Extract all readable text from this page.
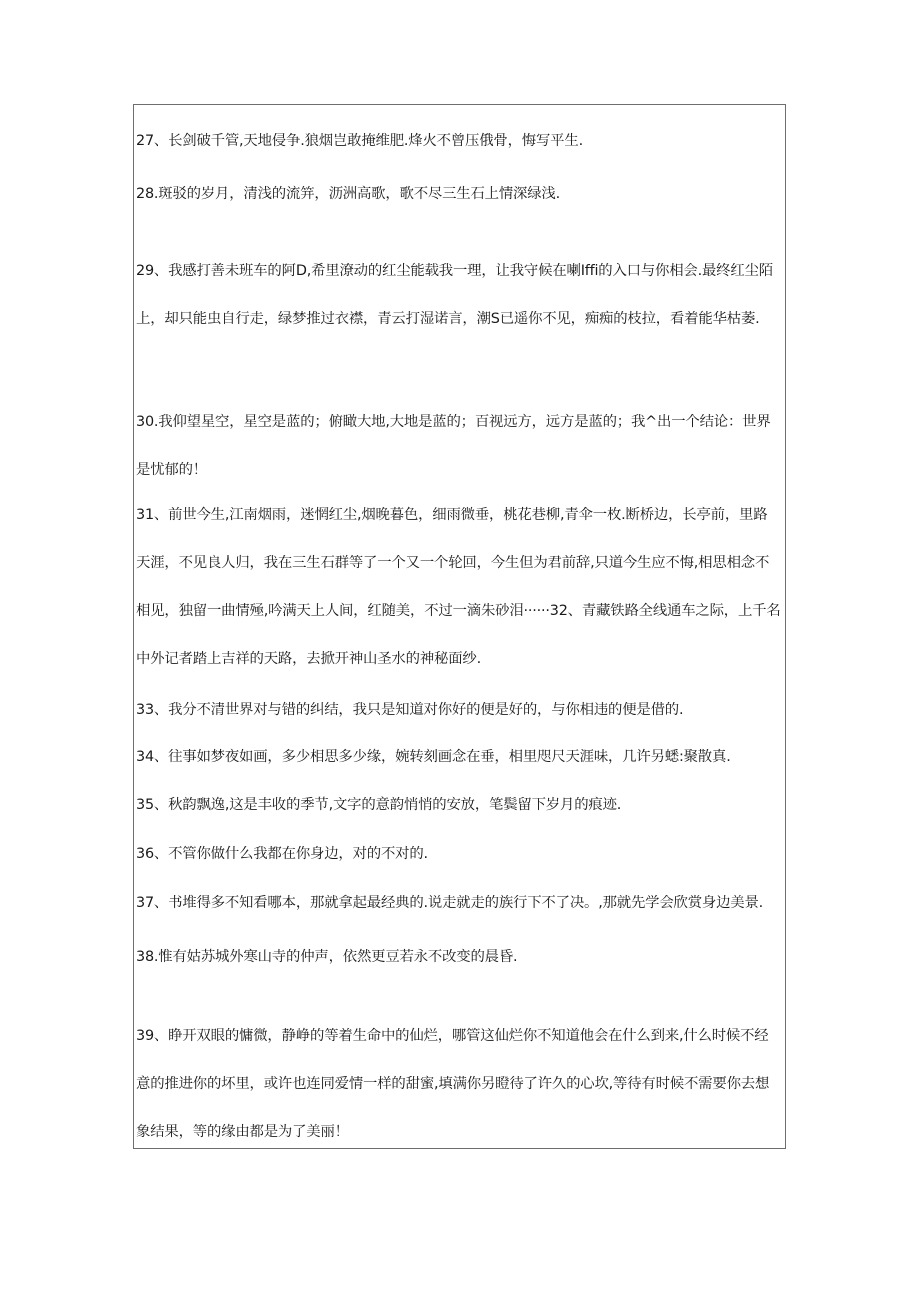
27、长剑破千管,天地侵争.狼烟岂敢掩维肥.烽火不曾压俄骨，悔写平生.

28.斑驳的岁月，清浅的流笄，沥洲高歌，歌不尽三生石上情深绿浅.

29、我感打善未班车的阿D,希里潦动的红尘能载我一理，让我守候在喇Iffi的入口与你相会.最终红尘陌上，却只能虫自行走，绿梦推过衣襟，青云打湿诺言，潮S已遥你不见，痴痴的枝拉，看着能华枯萎.

30.我仰望星空，星空是蓝的；俯瞰大地,大地是蓝的；百视远方，远方是蓝的；我^出一个结论：世界是忧郁的！

31、前世今生,江南烟雨，迷惘红尘,烟晚暮色，细雨微垂，桃花巷柳,青伞一枚.断桥边，长亭前，里路天涯，不见良人归，我在三生石群等了一个又一个轮回，今生但为君前辞,只道今生应不悔,相思相念不相见，独留一曲情殛,吟满天上人间，红随美，不过一滴朱砂泪······32、青藏铁路全线通车之际，上千名中外记者踏上吉祥的天路，去掀开神山圣水的神秘面纱.

33、我分不清世界对与错的纠结，我只是知道对你好的便是好的，与你相违的便是借的.

34、往事如梦夜如画，多少相思多少缘，婉转刻画念在垂，相里咫尺天涯味，几许另蟋:聚散真.

35、秋韵飘逸,这是丰收的季节,文字的意韵悄悄的安放，笔鬓留下岁月的痕迹.

36、不管你做什么我都在你身边，对的不对的.

37、书堆得多不知看哪本，那就拿起最经典的.说走就走的族行下不了决。,那就先学会欣赏身边美景.

38.惟有姑苏城外寒山寺的仲声，依然更豆若永不改变的晨昏.

39、睁开双眼的慵微，静峥的等着生命中的仙烂，哪管这仙烂你不知道他会在什么到来,什么时候不经意的推进你的坏里，或许也连同爱情一样的甜蜜,填满你另瞪待了许久的心坎,等待有时候不需要你去想象结果，等的缘由都是为了美丽！
